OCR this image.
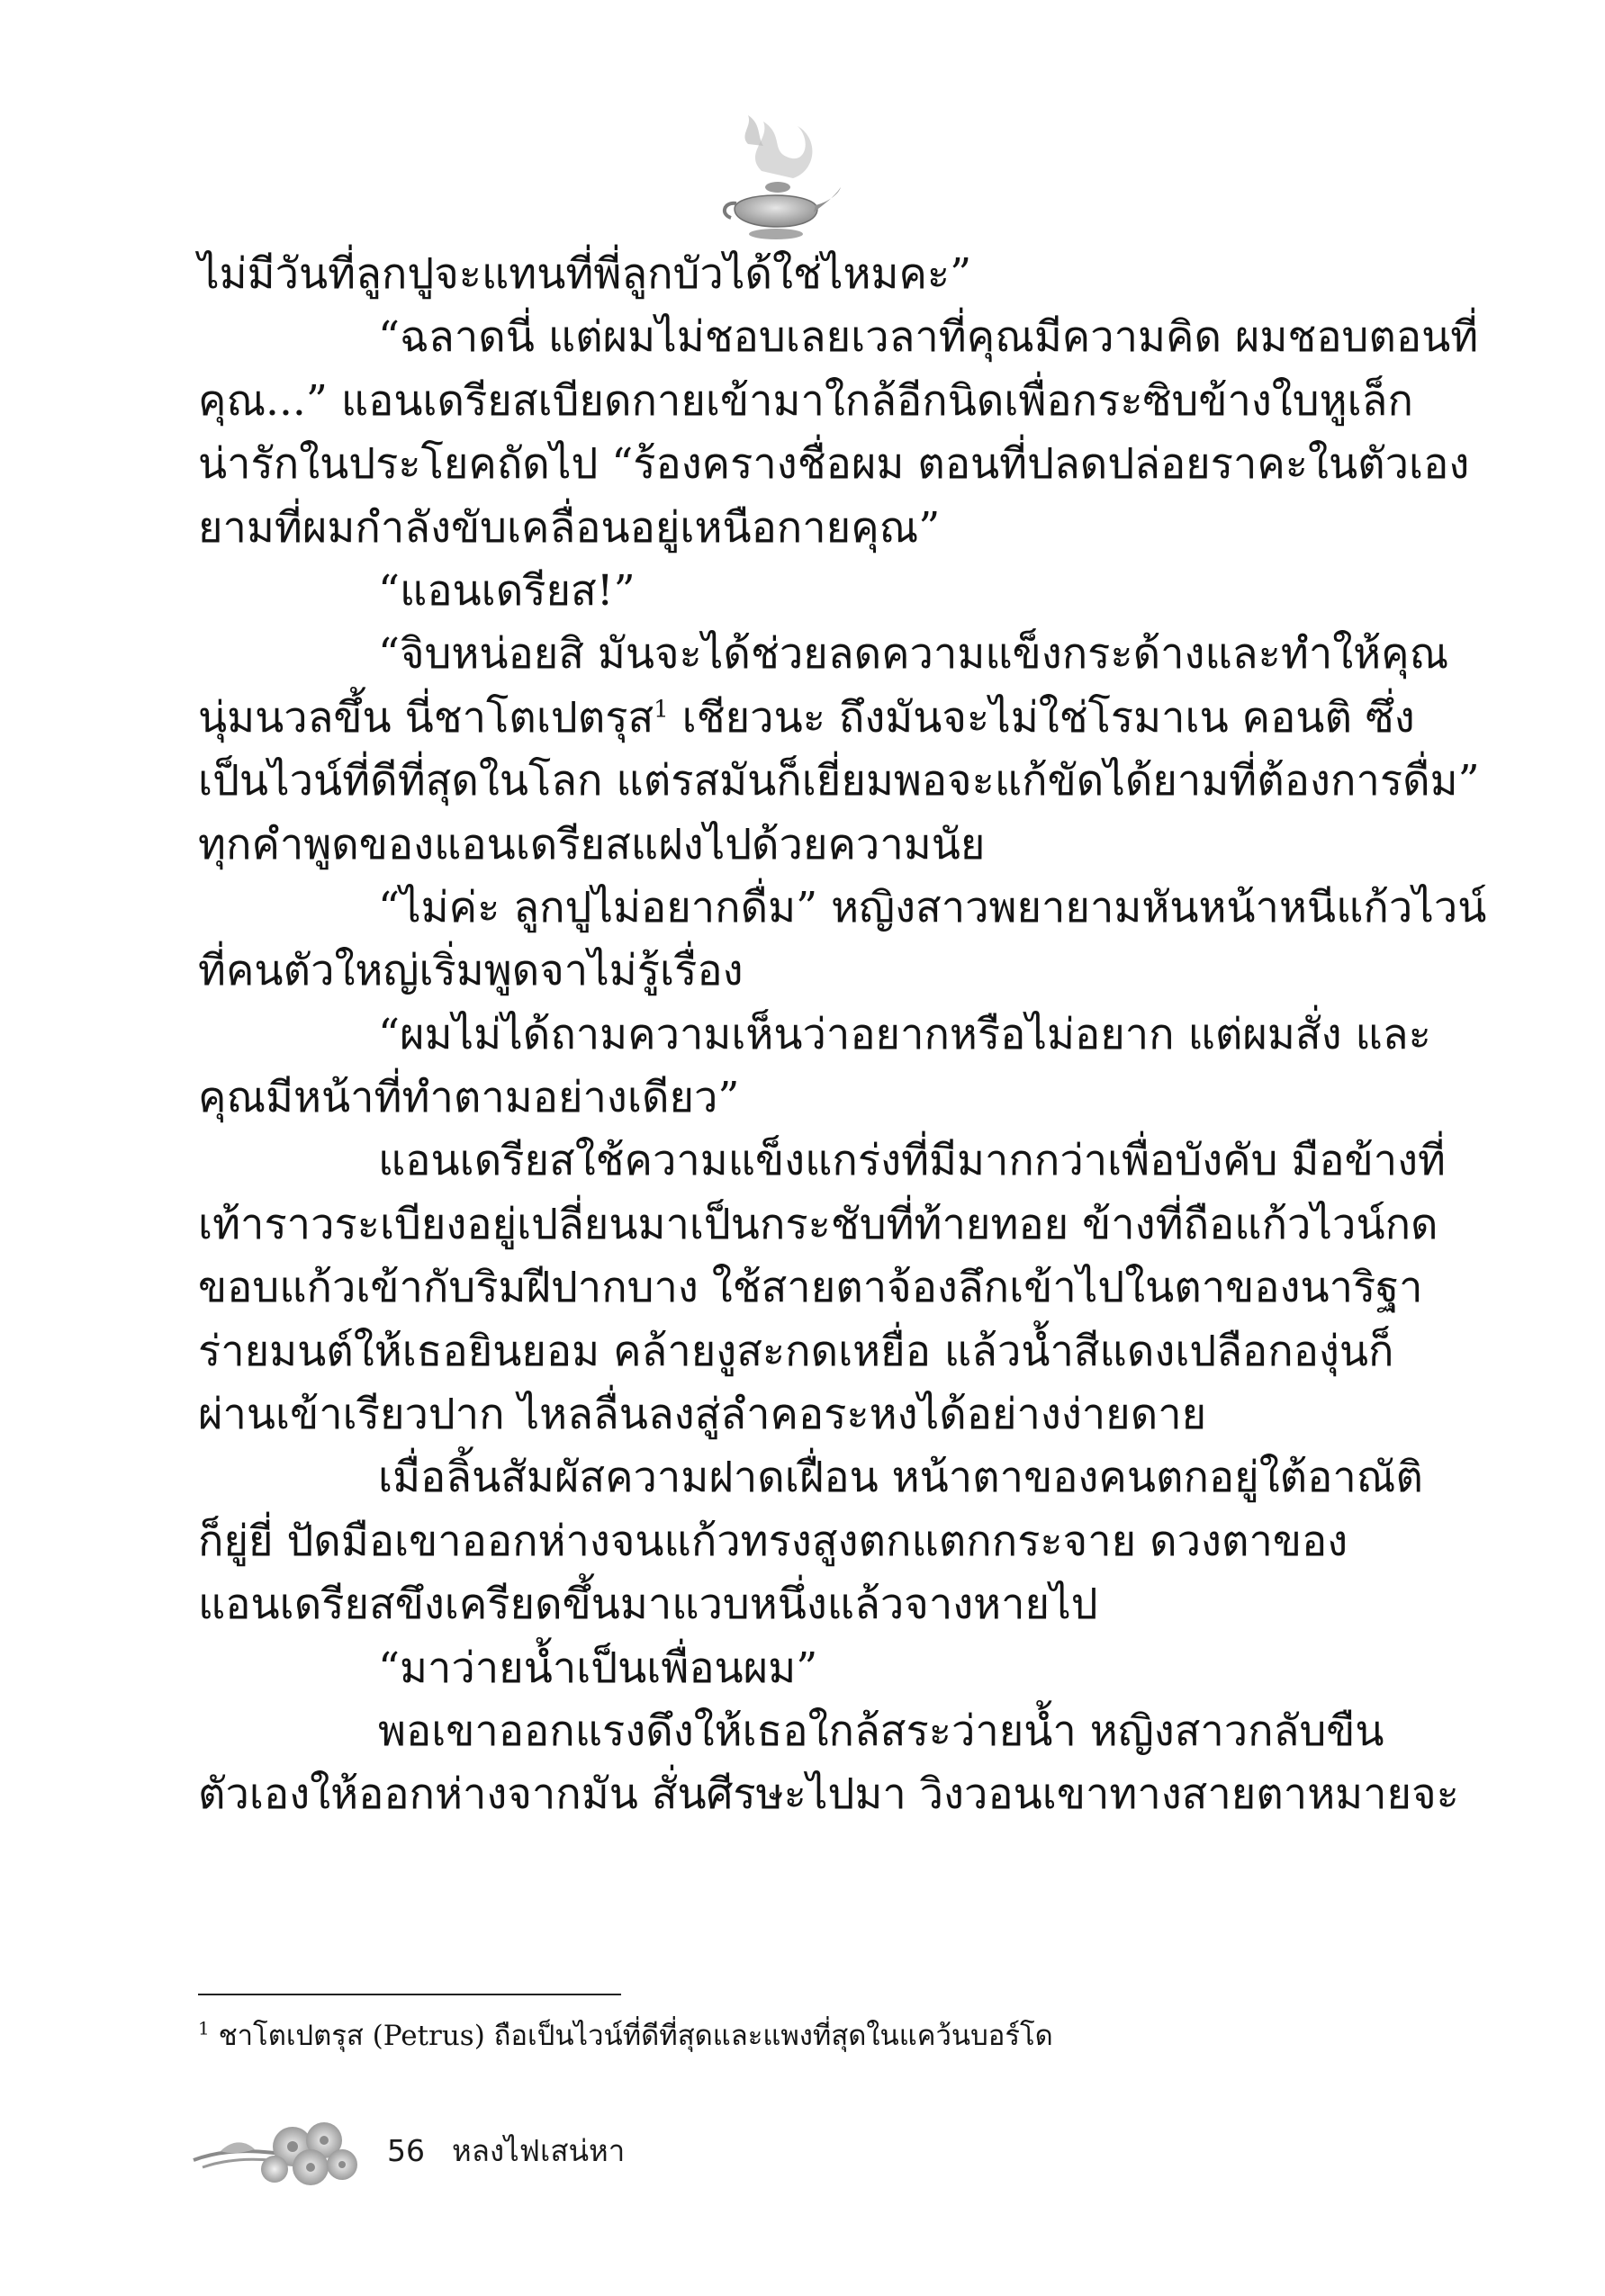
ไม่มีวันที่ลูกปูจะแทนที่พี่ลูกบัวได้ใช่ไหมคะ”
“ฉลาดนี่ แต่ผมไม่ชอบเลยเวลาที่คุณมีความคิด ผมชอบตอนที่
คุณ...” แอนเดรียสเบียดกายเข้ามาใกล้อีกนิดเพื่อกระซิบข้างใบหูเล็ก
น่ารักในประโยคถัดไป “ร้องครางชื่อผม ตอนที่ปลดปล่อยราคะในตัวเอง
ยามที่ผมกำลังขับเคลื่อนอยู่เหนือกายคุณ”
“แอนเดรียส!”
“จิบหน่อยสิ มันจะได้ช่วยลดความแข็งกระด้างและทำให้คุณ
นุ่มนวลขึ้น นี่ชาโตเปตรุส$^1$ เชียวนะ ถึงมันจะไม่ใช่โรมาเน คอนติ ซึ่ง
เป็นไวน์ที่ดีที่สุดในโลก แต่รสมันก็เยี่ยมพอจะแก้ขัดได้ยามที่ต้องการดื่ม”
ทุกคำพูดของแอนเดรียสแฝงไปด้วยความนัย
“ไม่ค่ะ ลูกปูไม่อยากดื่ม” หญิงสาวพยายามหันหน้าหนีแก้วไวน์
ที่คนตัวใหญ่เริ่มพูดจาไม่รู้เรื่อง
“ผมไม่ได้ถามความเห็นว่าอยากหรือไม่อยาก แต่ผมสั่ง และ
คุณมีหน้าที่ทำตามอย่างเดียว”
แอนเดรียสใช้ความแข็งแกร่งที่มีมากกว่าเพื่อบังคับ มือข้างที่
เท้าราวระเบียงอยู่เปลี่ยนมาเป็นกระชับที่ท้ายทอย ข้างที่ถือแก้วไวน์กด
ขอบแก้วเข้ากับริมฝีปากบาง ใช้สายตาจ้องลึกเข้าไปในตาของนาริฐา
ร่ายมนต์ให้เธอยินยอม คล้ายงูสะกดเหยื่อ แล้วน้ำสีแดงเปลือกองุ่นก็
ผ่านเข้าเรียวปาก ไหลลื่นลงสู่ลำคอระหงได้อย่างง่ายดาย
เมื่อลิ้นสัมผัสความฝาดเฝื่อน หน้าตาของคนตกอยู่ใต้อาณัติ
ก็ยู่ยี่ ปัดมือเขาออกห่างจนแก้วทรงสูงตกแตกกระจาย ดวงตาของ
แอนเดรียสขึงเครียดขึ้นมาแวบหนึ่งแล้วจางหายไป
“มาว่ายน้ำเป็นเพื่อนผม”
พอเขาออกแรงดึงให้เธอใกล้สระว่ายน้ำ หญิงสาวกลับขืน
ตัวเองให้ออกห่างจากมัน สั่นศีรษะไปมา วิงวอนเขาทางสายตาหมายจะ
$^1$ ชาโตเปตรุส (Petrus) ถือเป็นไวน์ที่ดีที่สุดและแพงที่สุดในแคว้นบอร์โด
56 หลงไฟเสน่หา
